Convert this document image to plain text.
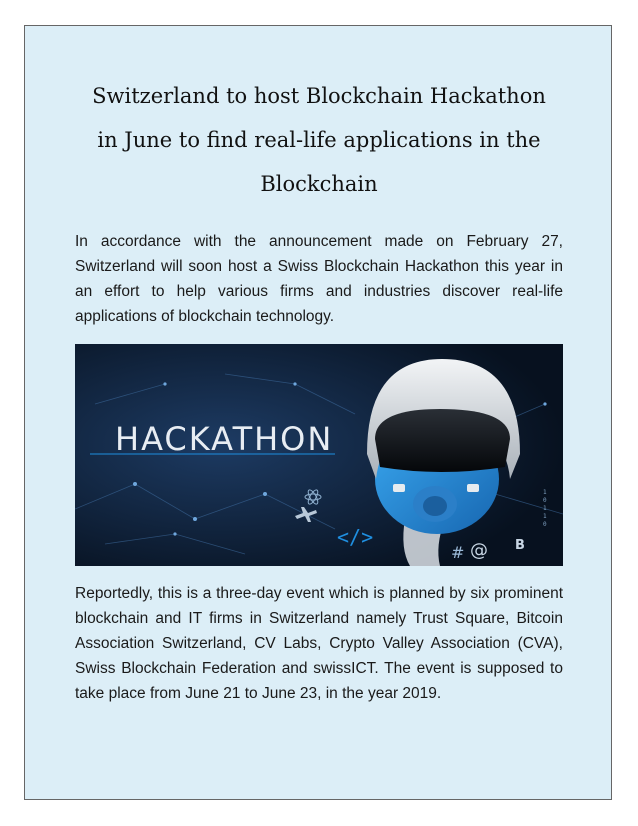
Switzerland to host Blockchain Hackathon
in June to find real-life applications in the
Blockchain

In accordance with the announcement made on February 27, Switzerland will soon host a Swiss Blockchain Hackathon this year in an effort to help various firms and industries discover real-life applications of blockchain technology.

HACKATHON
</>
# @ B
1
0
1
1
0

Reportedly, this is a three-day event which is planned by six prominent blockchain and IT firms in Switzerland namely Trust Square, Bitcoin Association Switzerland, CV Labs, Crypto Valley Association (CVA), Swiss Blockchain Federation and swissICT. The event is supposed to take place from June 21 to June 23, in the year 2019.
